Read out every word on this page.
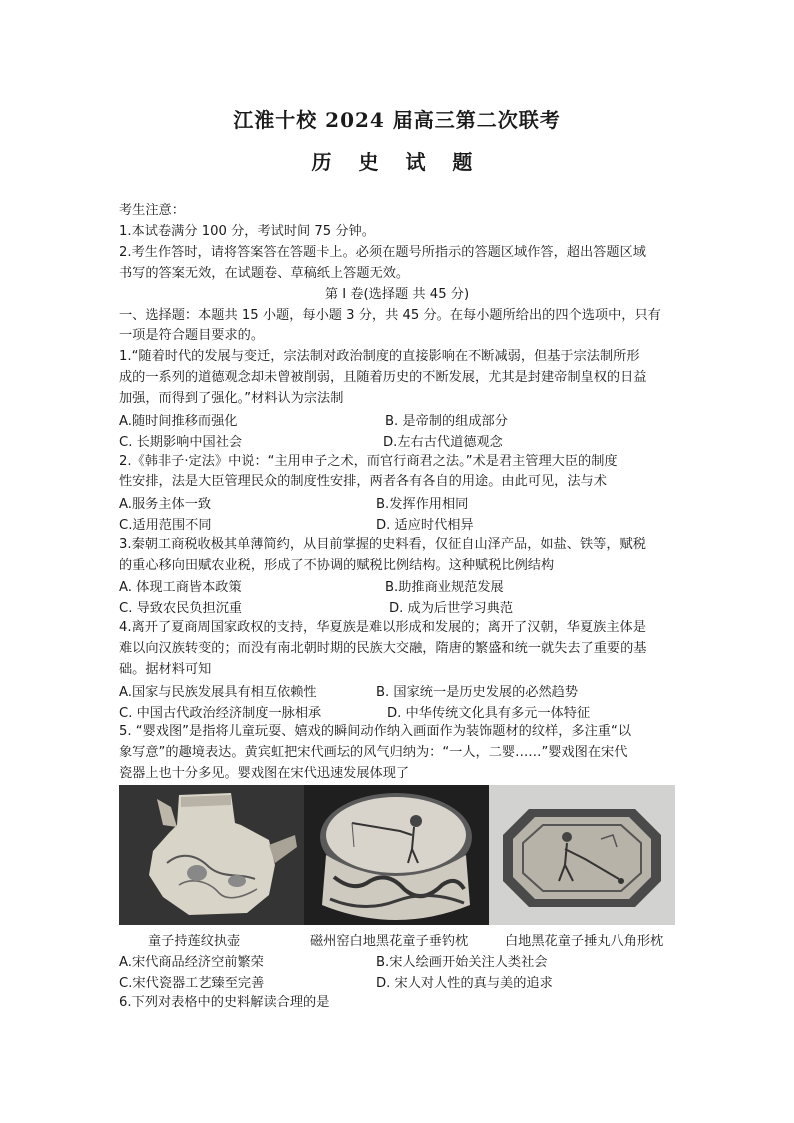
江淮十校 2024 届高三第二次联考
历 史 试 题
考生注意：
1.本试卷满分 100 分，考试时间 75 分钟。
2.考生作答时，请将答案答在答题卡上。必须在题号所指示的答题区域作答，超出答题区域
书写的答案无效，在试题卷、草稿纸上答题无效。
第 Ⅰ 卷(选择题 共 45 分)
一、选择题：本题共 15 小题，每小题 3 分，共 45 分。在每小题所给出的四个选项中，只有
一项是符合题目要求的。
1.“随着时代的发展与变迁，宗法制对政治制度的直接影响在不断减弱，但基于宗法制所形
成的一系列的道德观念却未曾被削弱，且随着历史的不断发展，尤其是封建帝制皇权的日益
加强，而得到了强化。”材料认为宗法制
A.随时间推移而强化	B. 是帝制的组成部分
C. 长期影响中国社会	D.左右古代道德观念
2.《韩非子·定法》中说：“主用申子之术，而官行商君之法。”术是君主管理大臣的制度
性安排，法是大臣管理民众的制度性安排，两者各有各自的用途。由此可见，法与术
A.服务主体一致	B.发挥作用相同
C.适用范围不同	D. 适应时代相异
3.秦朝工商税收极其单薄简约，从目前掌握的史料看，仅征自山泽产品，如盐、铁等，赋税
的重心移向田赋农业税，形成了不协调的赋税比例结构。这种赋税比例结构
A. 体现工商皆本政策	B.助推商业规范发展
C. 导致农民负担沉重	D. 成为后世学习典范
4.离开了夏商周国家政权的支持，华夏族是难以形成和发展的；离开了汉朝，华夏族主体是
难以向汉族转变的；而没有南北朝时期的民族大交融，隋唐的繁盛和统一就失去了重要的基
础。据材料可知
A.国家与民族发展具有相互依赖性	B. 国家统一是历史发展的必然趋势
C. 中国古代政治经济制度一脉相承	D. 中华传统文化具有多元一体特征
5. “婴戏图”是指将儿童玩耍、嬉戏的瞬间动作纳入画面作为装饰题材的纹样，多注重“以
象写意”的趣境表达。黄宾虹把宋代画坛的风气归纳为：“一人，二婴……”婴戏图在宋代
瓷器上也十分多见。婴戏图在宋代迅速发展体现了
童子持莲纹执壶	磁州窑白地黑花童子垂钓枕	白地黑花童子捶丸八角形枕
A.宋代商品经济空前繁荣	B.宋人绘画开始关注人类社会
C.宋代瓷器工艺臻至完善	D. 宋人对人性的真与美的追求
6.下列对表格中的史料解读合理的是
